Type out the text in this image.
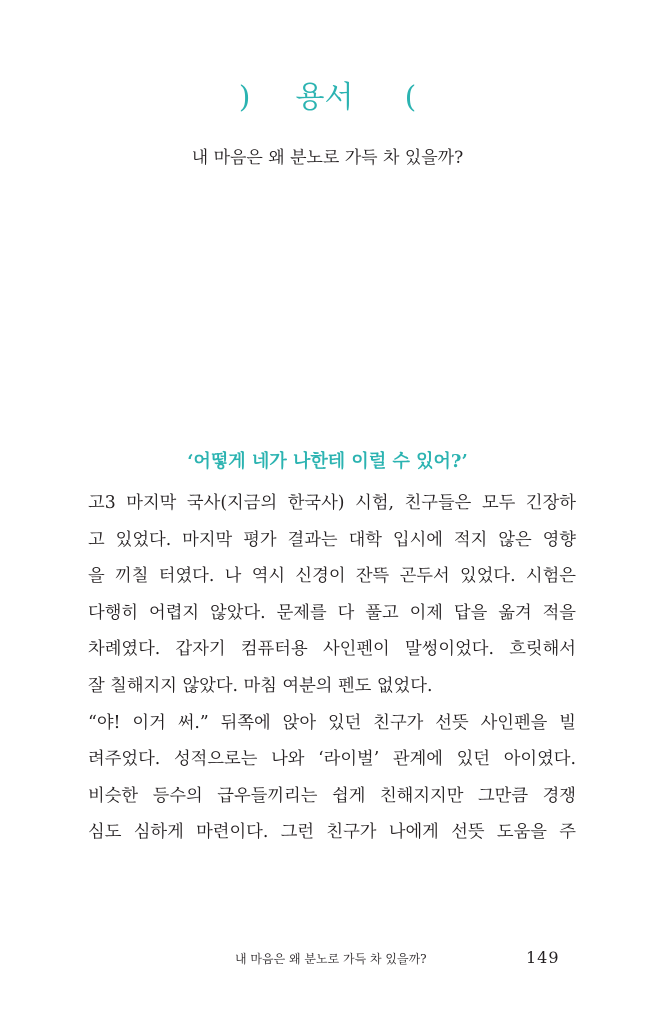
) 용서 (
내 마음은 왜 분노로 가득 차 있을까?
‘어떻게 네가 나한테 이럴 수 있어?’
고3 마지막 국사(지금의 한국사) 시험, 친구들은 모두 긴장하
고 있었다. 마지막 평가 결과는 대학 입시에 적지 않은 영향
을 끼칠 터였다. 나 역시 신경이 잔뜩 곤두서 있었다. 시험은
다행히 어렵지 않았다. 문제를 다 풀고 이제 답을 옮겨 적을
차례였다. 갑자기 컴퓨터용 사인펜이 말썽이었다. 흐릿해서
잘 칠해지지 않았다. 마침 여분의 펜도 없었다.
“야! 이거 써.” 뒤쪽에 앉아 있던 친구가 선뜻 사인펜을 빌
려주었다. 성적으로는 나와 ‘라이벌’ 관계에 있던 아이였다.
비슷한 등수의 급우들끼리는 쉽게 친해지지만 그만큼 경쟁
심도 심하게 마련이다. 그런 친구가 나에게 선뜻 도움을 주
내 마음은 왜 분노로 가득 차 있을까?	149
